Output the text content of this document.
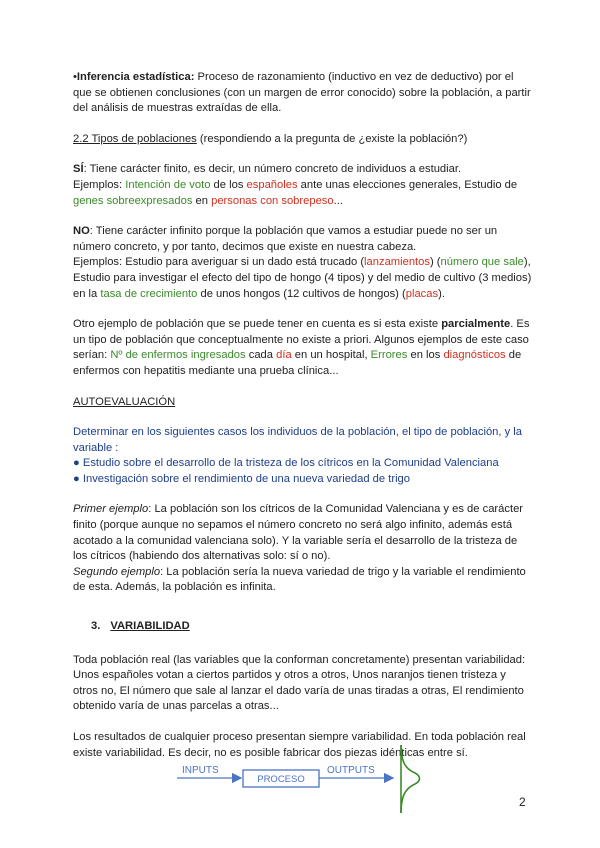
•Inferencia estadística: Proceso de razonamiento (inductivo en vez de deductivo) por el que se obtienen conclusiones (con un margen de error conocido) sobre la población, a partir del análisis de muestras extraídas de ella.

2.2 Tipos de poblaciones (respondiendo a la pregunta de ¿existe la población?)

SÍ: Tiene carácter finito, es decir, un número concreto de individuos a estudiar.
Ejemplos: Intención de voto de los españoles ante unas elecciones generales, Estudio de genes sobreexpresados en personas con sobrepeso...

NO: Tiene carácter infinito porque la población que vamos a estudiar puede no ser un número concreto, y por tanto, decimos que existe en nuestra cabeza.
Ejemplos: Estudio para averiguar si un dado está trucado (lanzamientos) (número que sale), Estudio para investigar el efecto del tipo de hongo (4 tipos) y del medio de cultivo (3 medios) en la tasa de crecimiento de unos hongos (12 cultivos de hongos) (placas).

Otro ejemplo de población que se puede tener en cuenta es si esta existe parcialmente. Es un tipo de población que conceptualmente no existe a priori. Algunos ejemplos de este caso serían: Nº de enfermos ingresados cada día en un hospital, Errores en los diagnósticos de enfermos con hepatitis mediante una prueba clínica...

AUTOEVALUACIÓN

Determinar en los siguientes casos los individuos de la población, el tipo de población, y la variable :

● Estudio sobre el desarrollo de la tristeza de los cítricos en la Comunidad Valenciana

● Investigación sobre el rendimiento de una nueva variedad de trigo

Primer ejemplo: La población son los cítricos de la Comunidad Valenciana y es de carácter finito (porque aunque no sepamos el número concreto no será algo infinito, además está acotado a la comunidad valenciana solo). Y la variable sería el desarrollo de la tristeza de los cítricos (habiendo dos alternativas solo: sí o no).

Segundo ejemplo: La población sería la nueva variedad de trigo y la variable el rendimiento de esta. Además, la población es infinita.

3. VARIABILIDAD

Toda población real (las variables que la conforman concretamente) presentan variabilidad: Unos españoles votan a ciertos partidos y otros a otros, Unos naranjos tienen tristeza y otros no, El número que sale al lanzar el dado varía de unas tiradas a otras, El rendimiento obtenido varía de unas parcelas a otras...

Los resultados de cualquier proceso presentan siempre variabilidad. En toda población real existe variabilidad. Es decir, no es posible fabricar dos piezas idénticas entre sí.

INPUTS
PROCESO
OUTPUTS
2
